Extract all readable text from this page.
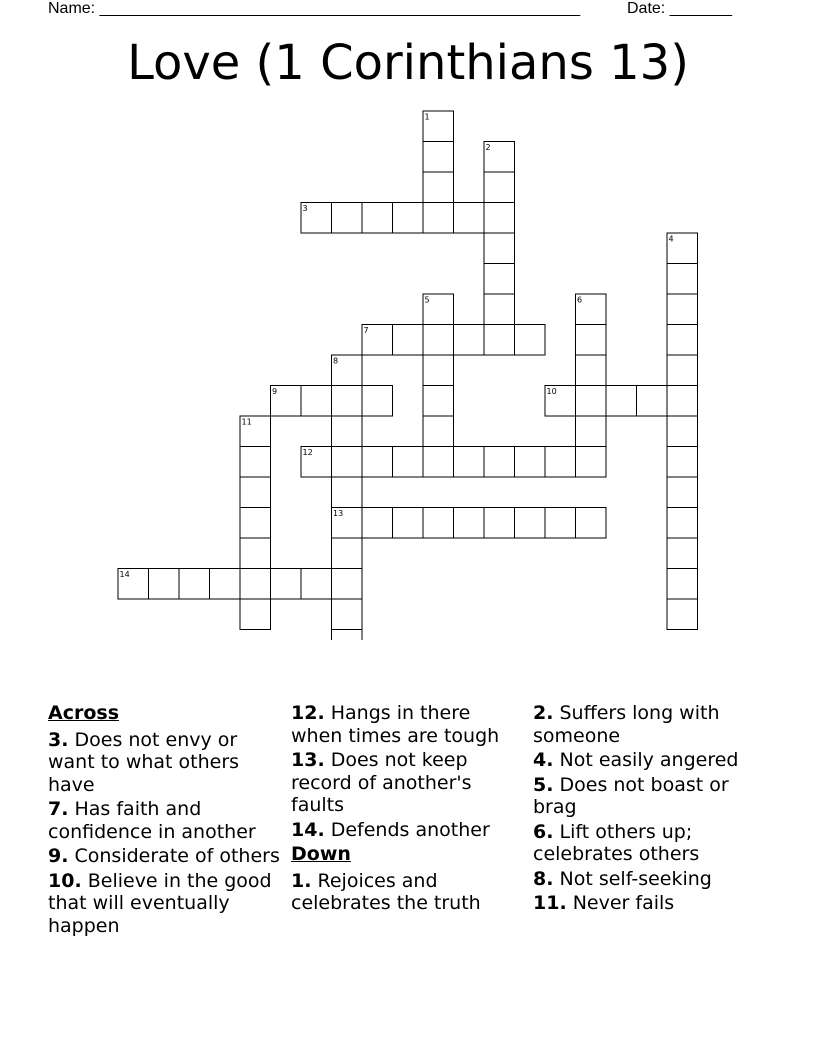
Name: ______________________________________________________	Date: _______
Love (1 Corinthians 13)
1
2
3
4
5	6
7
8
9	10
11
12
13
14
Across
3. Does not envy or want to what others have
7. Has faith and confidence in another
9. Considerate of others
10. Believe in the good that will eventually happen
12. Hangs in there when times are tough
13. Does not keep record of another's faults
14. Defends another
Down
1. Rejoices and celebrates the truth
2. Suffers long with someone
4. Not easily angered
5. Does not boast or brag
6. Lift others up; celebrates others
8. Not self-seeking
11. Never fails
